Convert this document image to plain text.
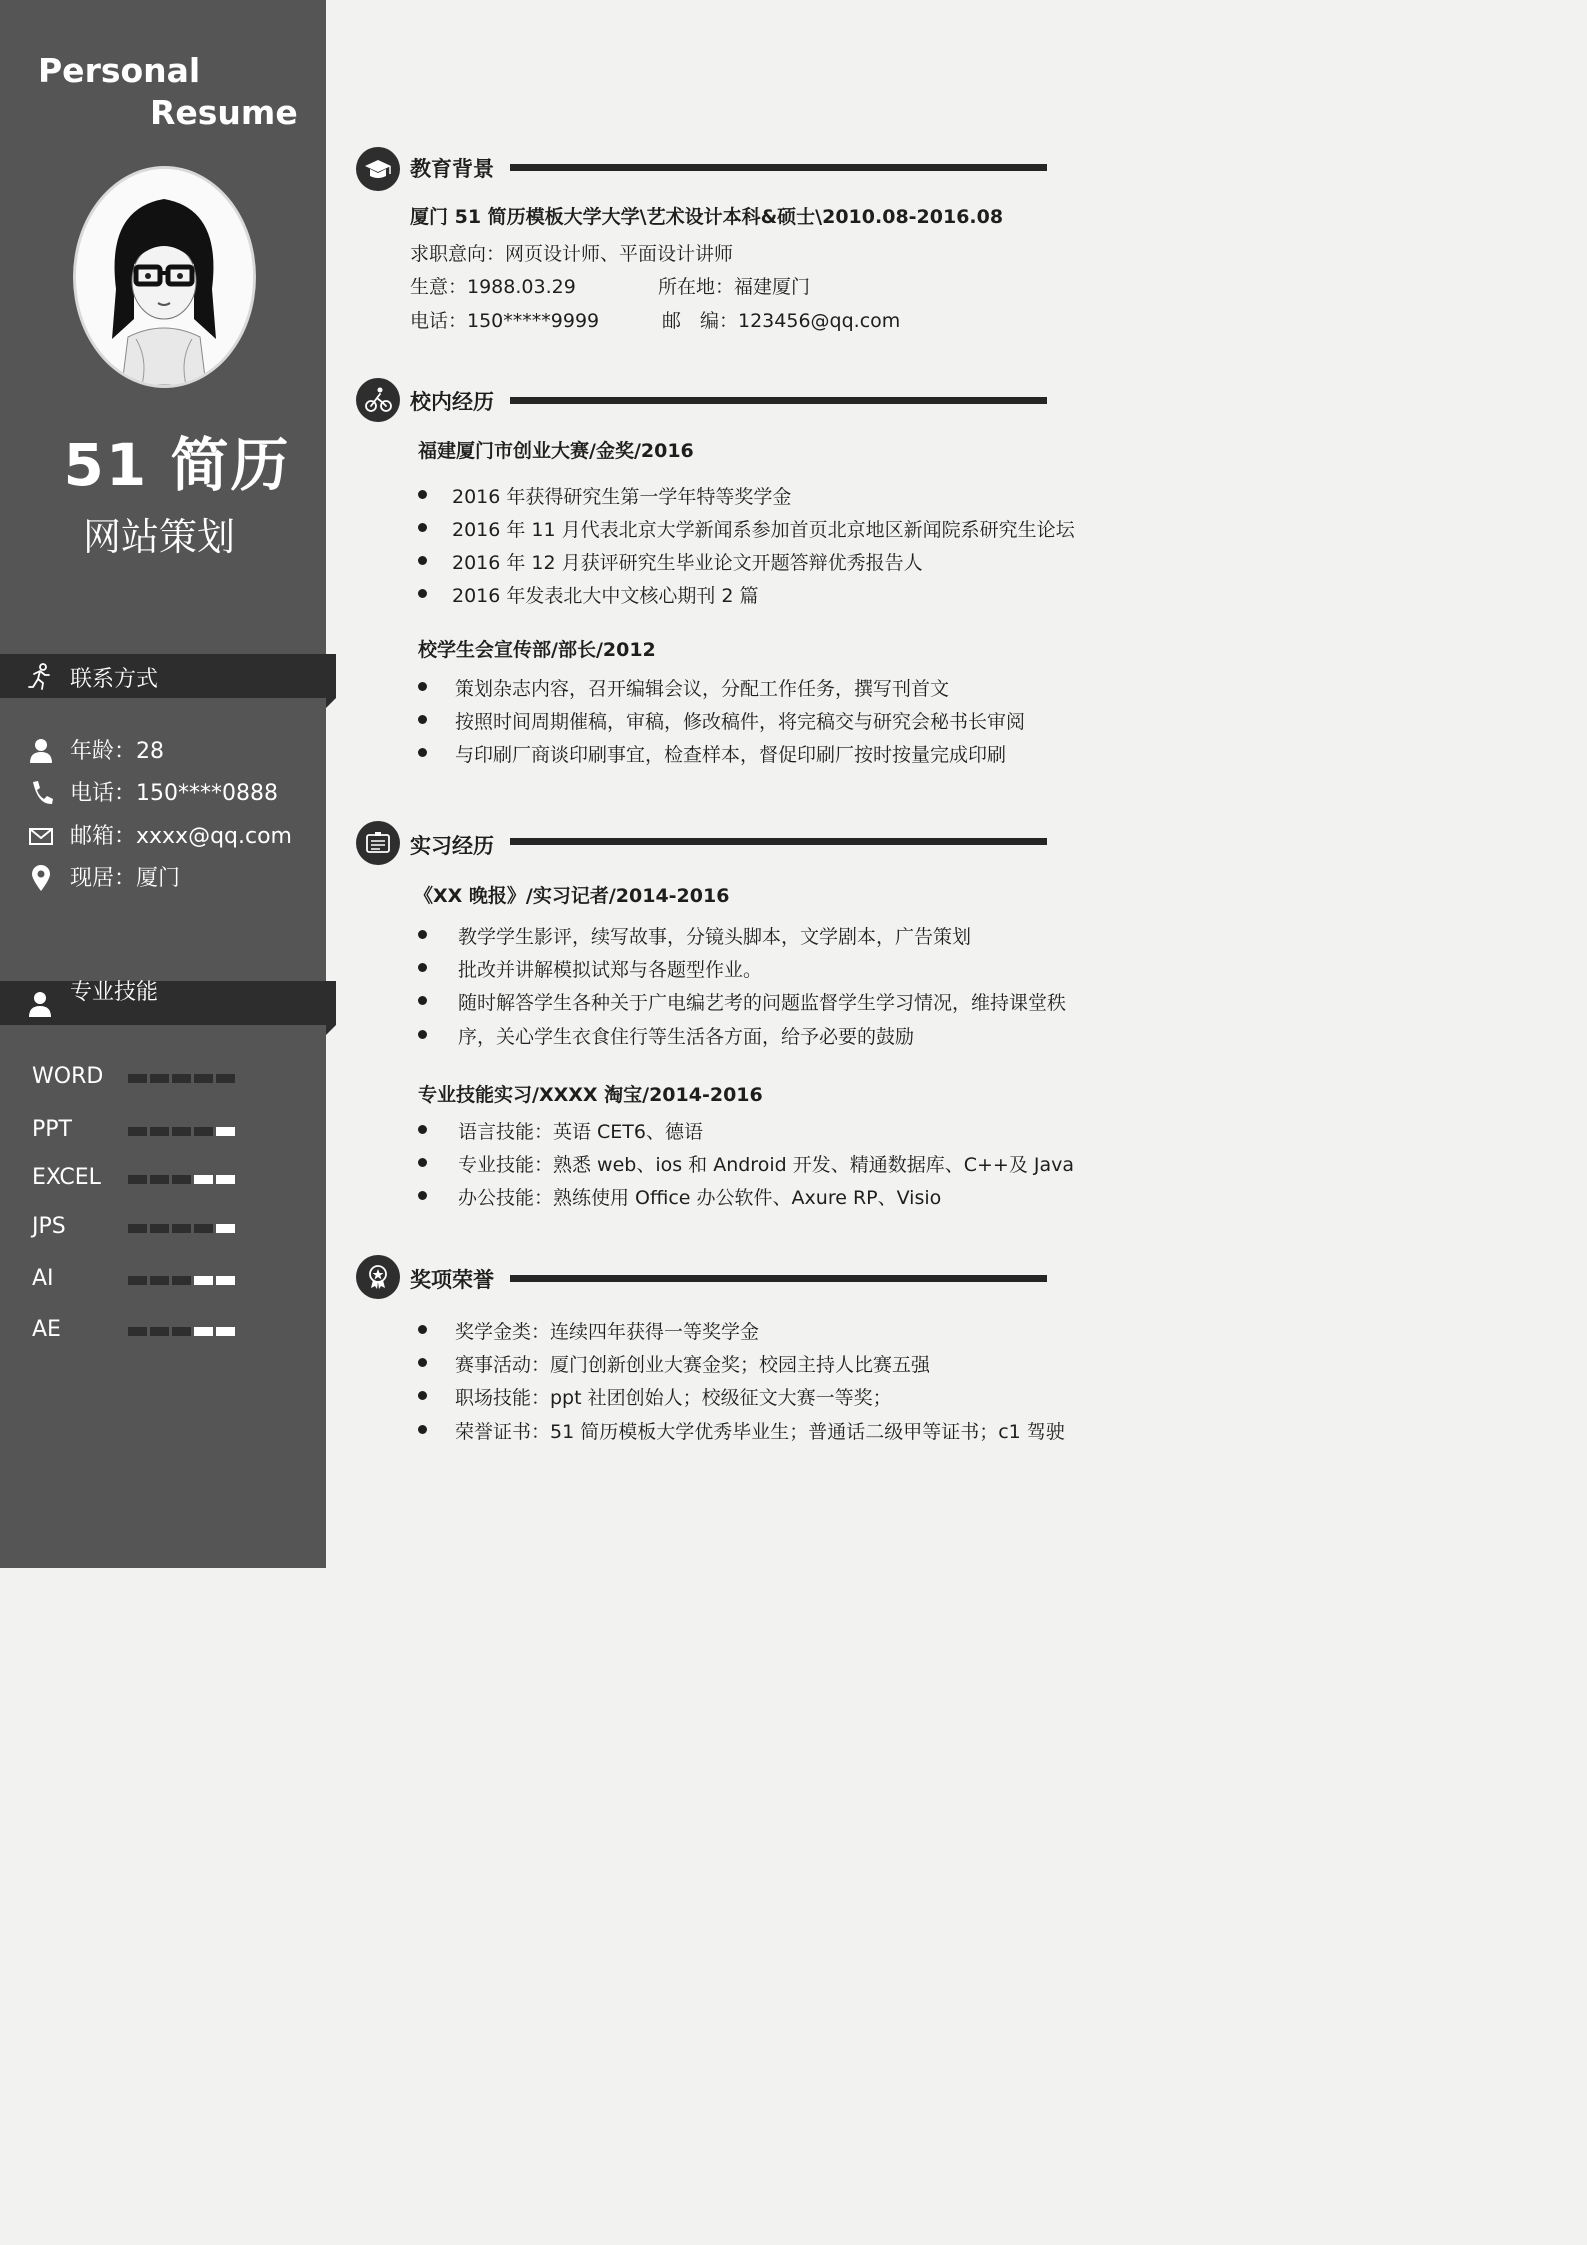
Personal
Resume
51 简历
网站策划
联系方式
年龄：28
电话：150****0888
邮箱：xxxx@qq.com
现居：厦门
专业技能
WORD
PPT
EXCEL
JPS
AI
AE
教育背景
厦门 51 简历模板大学大学\艺术设计本科&硕士\2010.08-2016.08
求职意向：网页设计师、平面设计讲师
生意：1988.03.29	所在地：福建厦门
电话：150*****9999	邮　编：123456@qq.com
校内经历
福建厦门市创业大赛/金奖/2016
2016 年获得研究生第一学年特等奖学金
2016 年 11 月代表北京大学新闻系参加首页北京地区新闻院系研究生论坛
2016 年 12 月获评研究生毕业论文开题答辩优秀报告人
2016 年发表北大中文核心期刊 2 篇
校学生会宣传部/部长/2012
策划杂志内容，召开编辑会议，分配工作任务，撰写刊首文
按照时间周期催稿，审稿，修改稿件，将完稿交与研究会秘书长审阅
与印刷厂商谈印刷事宜，检查样本，督促印刷厂按时按量完成印刷
实习经历
《XX 晚报》/实习记者/2014-2016
教学学生影评，续写故事，分镜头脚本，文学剧本，广告策划
批改并讲解模拟试郑与各题型作业。
随时解答学生各种关于广电编艺考的问题监督学生学习情况，维持课堂秩
序，关心学生衣食住行等生活各方面，给予必要的鼓励
专业技能实习/XXXX 淘宝/2014-2016
语言技能：英语 CET6、德语
专业技能：熟悉 web、ios 和 Android 开发、精通数据库、C++及 Java
办公技能：熟练使用 Office 办公软件、Axure RP、Visio
奖项荣誉
奖学金类：连续四年获得一等奖学金
赛事活动：厦门创新创业大赛金奖；校园主持人比赛五强
职场技能：ppt 社团创始人；校级征文大赛一等奖；
荣誉证书：51 简历模板大学优秀毕业生；普通话二级甲等证书；c1 驾驶
